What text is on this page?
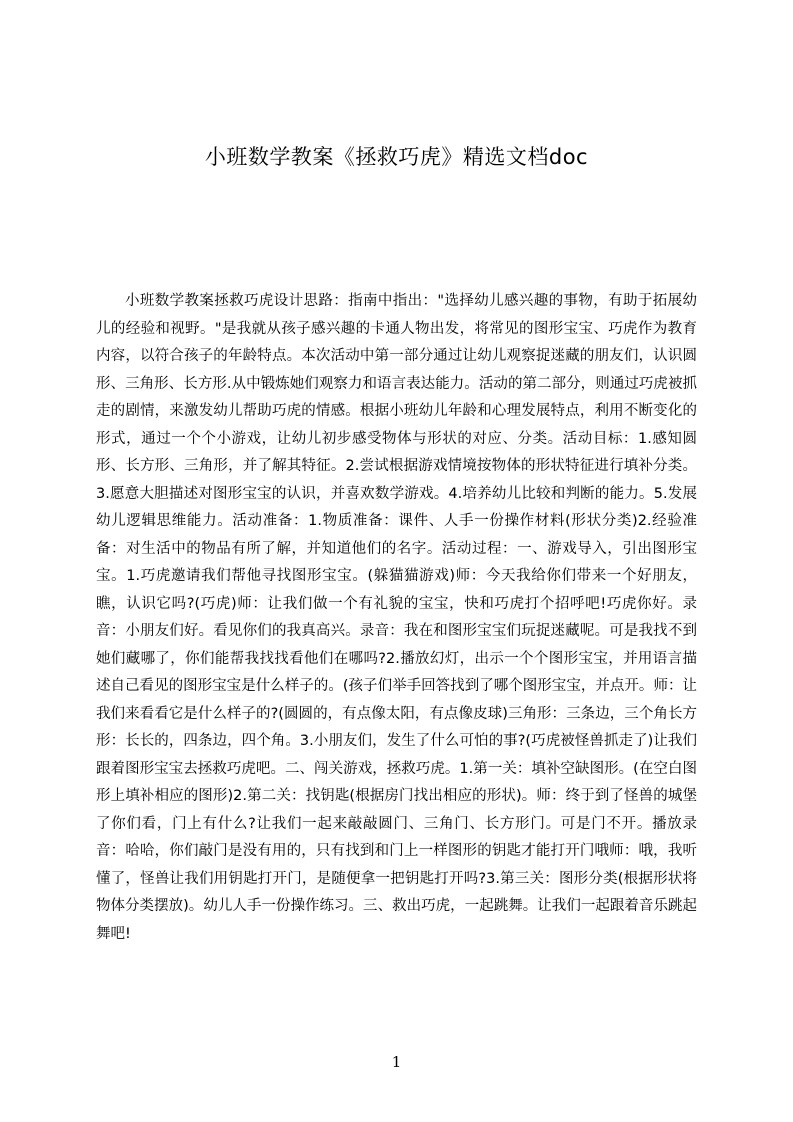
小班数学教案《拯救巧虎》精选文档doc

小班数学教案拯救巧虎设计思路：指南中指出："选择幼儿感兴趣的事物，有助于拓展幼儿的经验和视野。"是我就从孩子感兴趣的卡通人物出发，将常见的图形宝宝、巧虎作为教育内容，以符合孩子的年龄特点。本次活动中第一部分通过让幼儿观察捉迷藏的朋友们，认识圆形、三角形、长方形.从中锻炼她们观察力和语言表达能力。活动的第二部分，则通过巧虎被抓走的剧情，来激发幼儿帮助巧虎的情感。根据小班幼儿年龄和心理发展特点，利用不断变化的形式，通过一个个小游戏，让幼儿初步感受物体与形状的对应、分类。活动目标：1.感知圆形、长方形、三角形，并了解其特征。2.尝试根据游戏情境按物体的形状特征进行填补分类。3.愿意大胆描述对图形宝宝的认识，并喜欢数学游戏。4.培养幼儿比较和判断的能力。5.发展幼儿逻辑思维能力。活动准备：1.物质准备：课件、人手一份操作材料(形状分类)2.经验准备：对生活中的物品有所了解，并知道他们的名字。活动过程：一、游戏导入，引出图形宝宝。1.巧虎邀请我们帮他寻找图形宝宝。(躲猫猫游戏)师：今天我给你们带来一个好朋友，瞧，认识它吗?(巧虎)师：让我们做一个有礼貌的宝宝，快和巧虎打个招呼吧!巧虎你好。录音：小朋友们好。看见你们的我真高兴。录音：我在和图形宝宝们玩捉迷藏呢。可是我找不到她们藏哪了，你们能帮我找找看他们在哪吗?2.播放幻灯，出示一个个图形宝宝，并用语言描述自己看见的图形宝宝是什么样子的。(孩子们举手回答找到了哪个图形宝宝，并点开。师：让我们来看看它是什么样子的?(圆圆的，有点像太阳，有点像皮球)三角形：三条边，三个角长方形：长长的，四条边，四个角。3.小朋友们，发生了什么可怕的事?(巧虎被怪兽抓走了)让我们跟着图形宝宝去拯救巧虎吧。二、闯关游戏，拯救巧虎。1.第一关：填补空缺图形。(在空白图形上填补相应的图形)2.第二关：找钥匙(根据房门找出相应的形状)。师：终于到了怪兽的城堡了你们看，门上有什么?让我们一起来敲敲圆门、三角门、长方形门。可是门不开。播放录音：哈哈，你们敲门是没有用的，只有找到和门上一样图形的钥匙才能打开门哦师：哦，我听懂了，怪兽让我们用钥匙打开门，是随便拿一把钥匙打开吗?3.第三关：图形分类(根据形状将物体分类摆放)。幼儿人手一份操作练习。三、救出巧虎，一起跳舞。让我们一起跟着音乐跳起舞吧!

1
